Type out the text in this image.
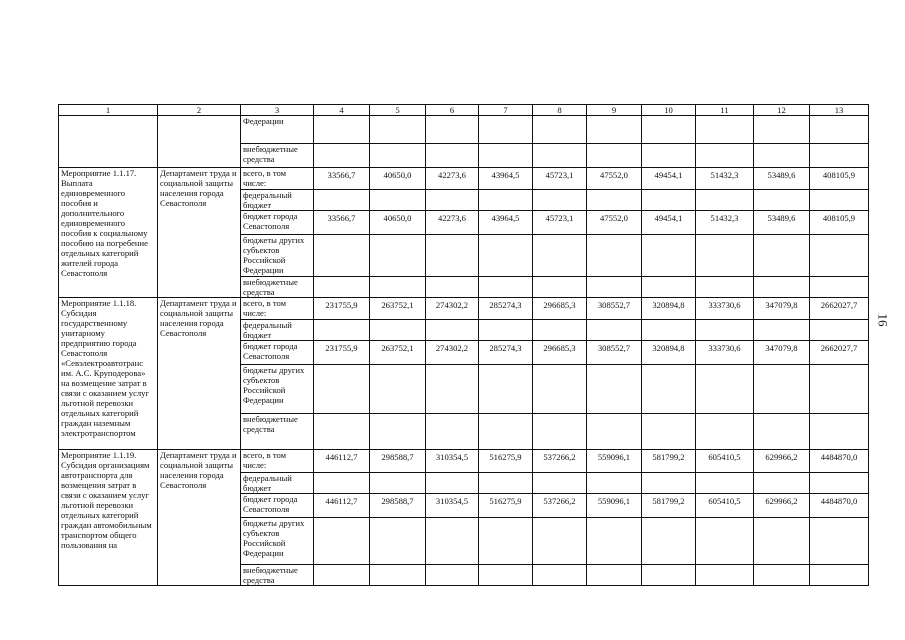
1	2	3	4	5	6	7	8	9	10	11	12	13
		Федерации										
		внебюджетные средства										
Мероприятие 1.1.17. Выплата единовременного пособия и дополнительного единовременного пособия к социальному пособию на погребение отдельных категорий жителей города Севастополя	Департамент труда и социальной защиты населения города Севастополя	всего, в том числе:	33566,7	40650,0	42273,6	43964,5	45723,1	47552,0	49454,1	51432,3	53489,6	408105,9
		федеральный бюджет										
		бюджет города Севастополя	33566,7	40650,0	42273,6	43964,5	45723,1	47552,0	49454,1	51432,3	53489,6	408105,9
		бюджеты других субъектов Российской Федерации										
		внебюджетные средства										
Мероприятие 1.1.18. Субсидия государственному унитарному предприятию города Севастополя «Севэлектроавтотранс им. А.С. Круподерова» на возмещение затрат в связи с оказанием услуг льготной перевозки отдельных категорий граждан наземным электротранспортом	Департамент труда и социальной защиты населения города Севастополя	всего, в том числе:	231755,9	263752,1	274302,2	285274,3	296685,3	308552,7	320894,8	333730,6	347079,8	2662027,7
		федеральный бюджет										
		бюджет города Севастополя	231755,9	263752,1	274302,2	285274,3	296685,3	308552,7	320894,8	333730,6	347079,8	2662027,7
		бюджеты других субъектов Российской Федерации										
		внебюджетные средства										
Мероприятие 1.1.19. Субсидия организациям автотранспорта для возмещения затрат в связи с оказанием услуг льготной перевозки отдельных категорий граждан автомобильным транспортом общего пользования на	Департамент труда и социальной защиты населения города Севастополя	всего, в том числе:	446112,7	298588,7	310354,5	516275,9	537266,2	559096,1	581799,2	605410,5	629966,2	4484870,0
		федеральный бюджет										
		бюджет города Севастополя	446112,7	298588,7	310354,5	516275,9	537266,2	559096,1	581799,2	605410,5	629966,2	4484870,0
		бюджеты других субъектов Российской Федерации										
		внебюджетные средства										
16
